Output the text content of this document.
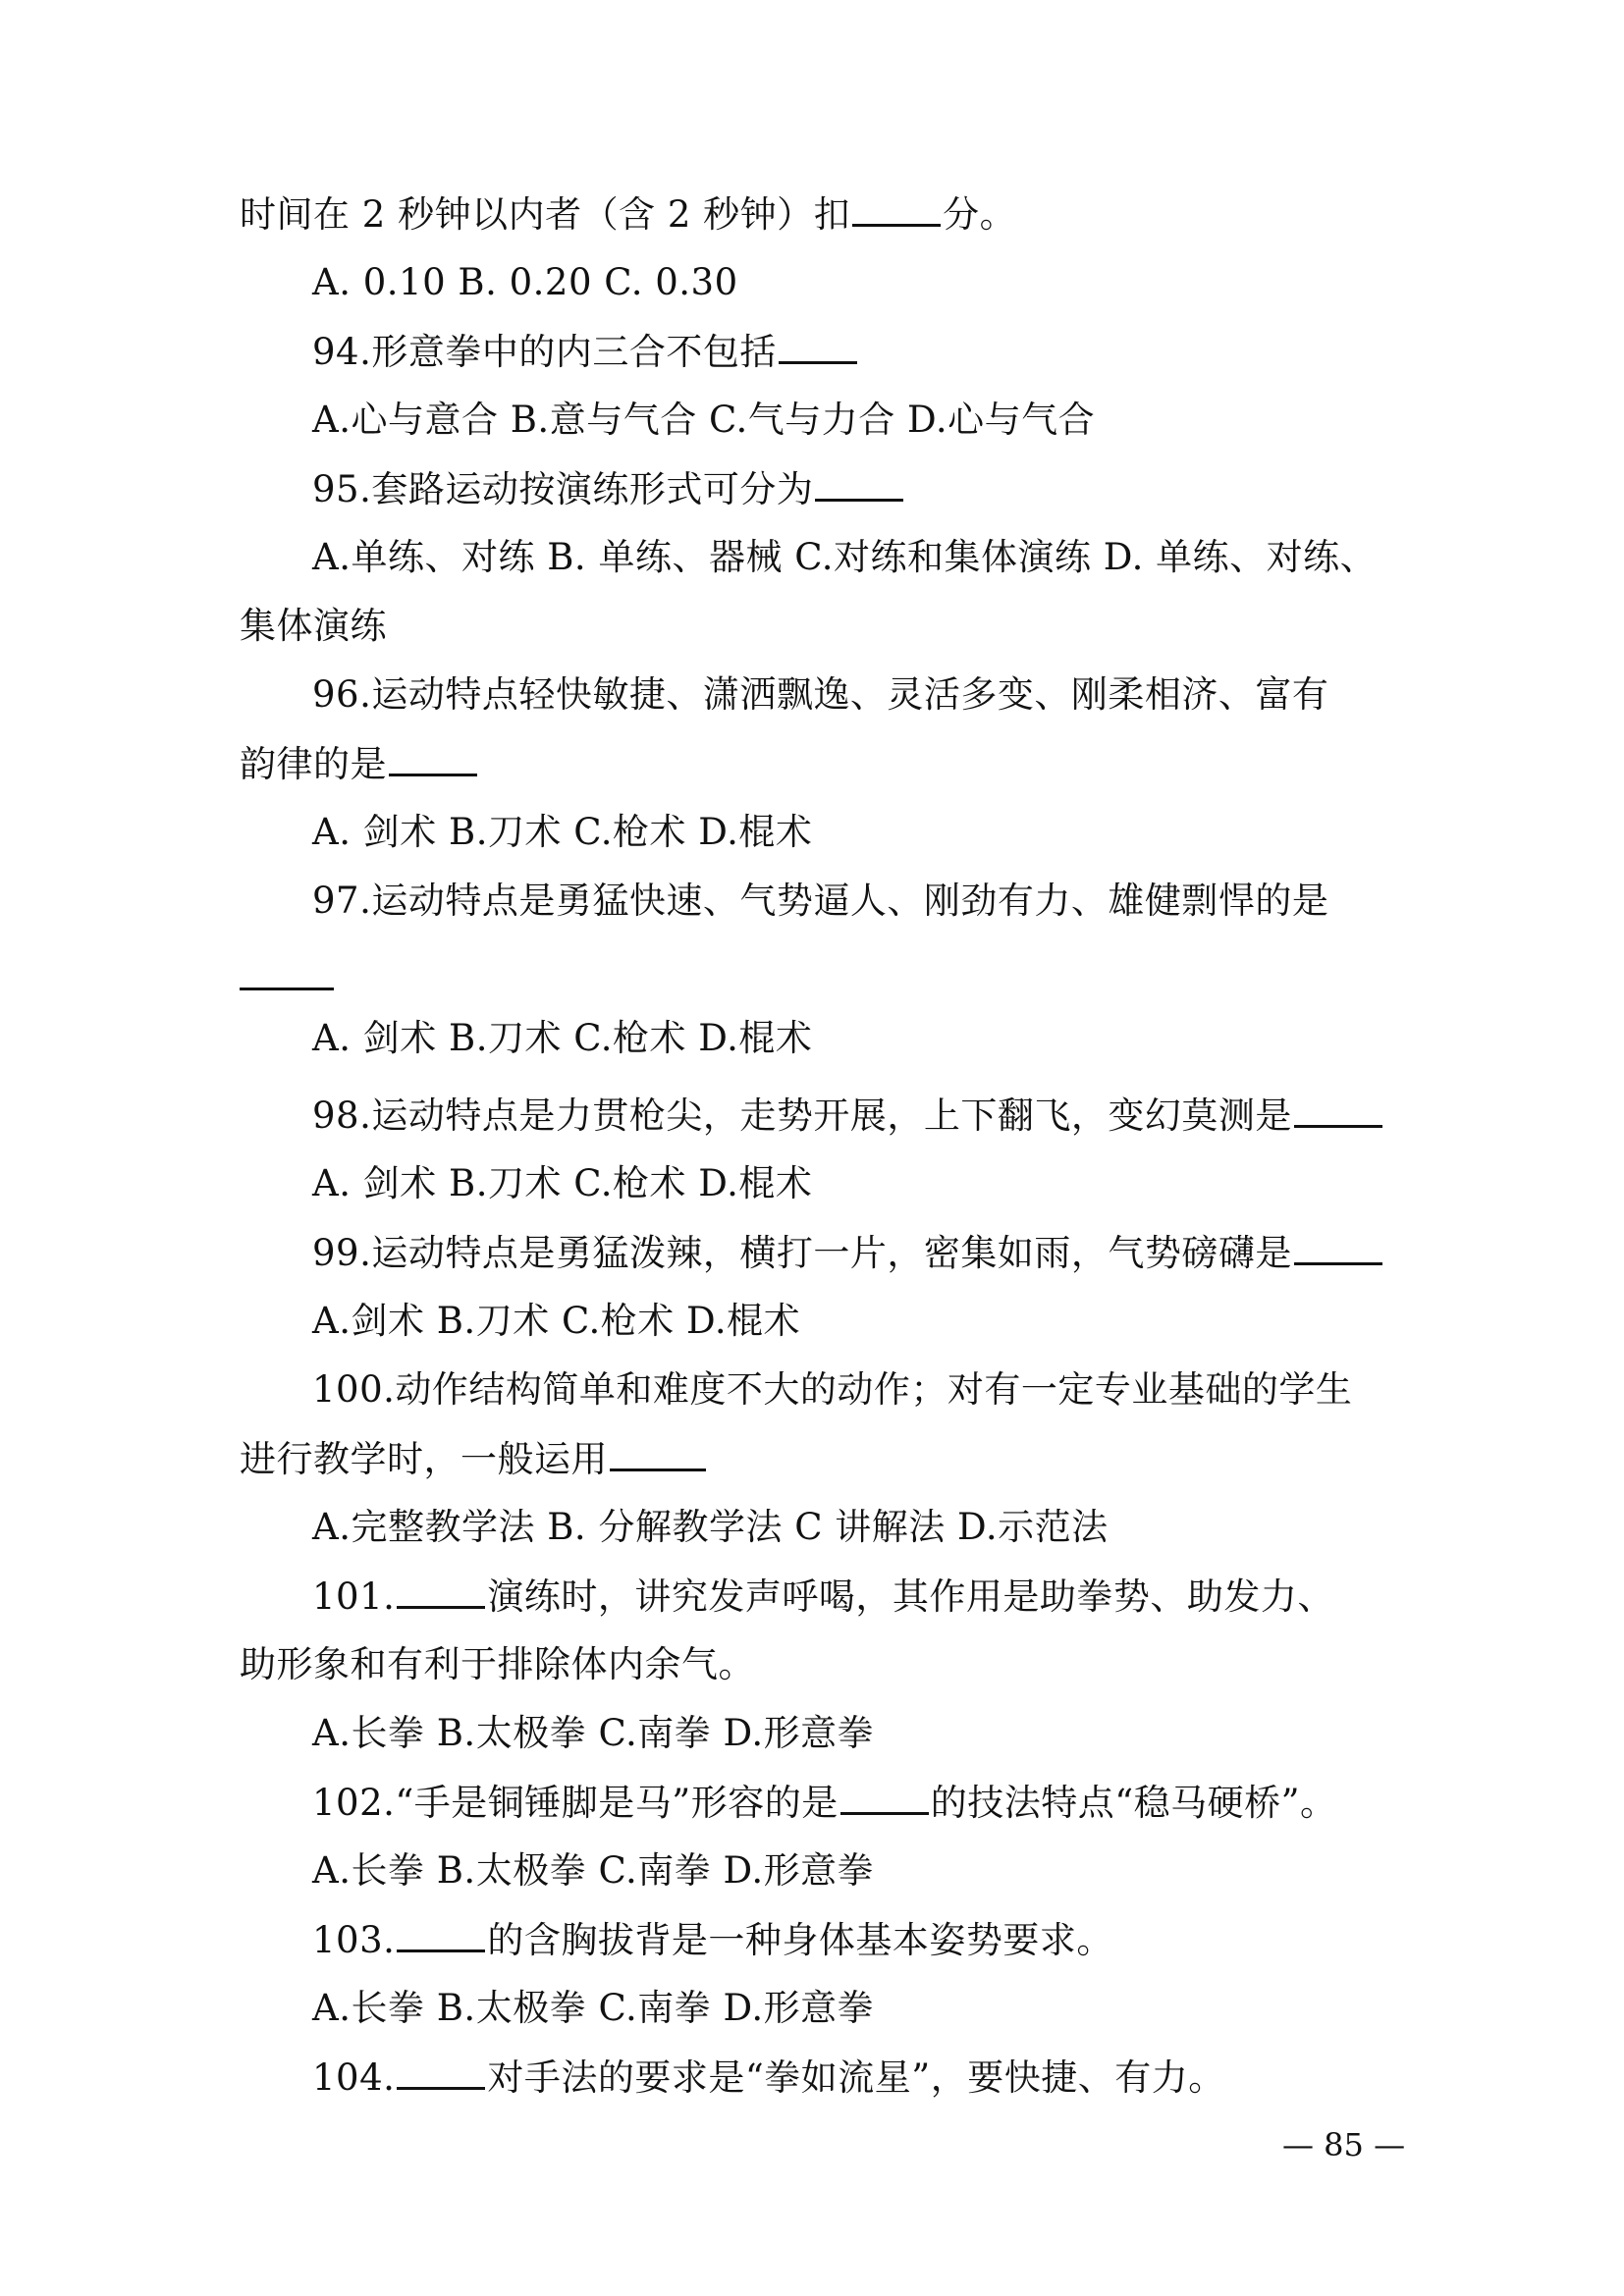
时间在 2 秒钟以内者（含 2 秒钟）扣	分。
A. 0.10 B. 0.20 C. 0.30
94.形意拳中的内三合不包括
A.心与意合 B.意与气合 C.气与力合 D.心与气合
95.套路运动按演练形式可分为
A.单练、对练 B. 单练、器械 C.对练和集体演练 D. 单练、对练、
集体演练
96.运动特点轻快敏捷、潇洒飘逸、灵活多变、刚柔相济、富有
韵律的是
A. 剑术 B.刀术 C.枪术 D.棍术
97.运动特点是勇猛快速、气势逼人、刚劲有力、雄健剽悍的是
A. 剑术 B.刀术 C.枪术 D.棍术
98.运动特点是力贯枪尖，走势开展，上下翻飞，变幻莫测是
A. 剑术 B.刀术 C.枪术 D.棍术
99.运动特点是勇猛泼辣，横打一片，密集如雨，气势磅礴是
A.剑术 B.刀术 C.枪术 D.棍术
100.动作结构简单和难度不大的动作；对有一定专业基础的学生
进行教学时，一般运用
A.完整教学法 B. 分解教学法 C 讲解法 D.示范法
101.	演练时，讲究发声呼喝，其作用是助拳势、助发力、
助形象和有利于排除体内余气。
A.长拳 B.太极拳 C.南拳 D.形意拳
102.“手是铜锤脚是马”形容的是	的技法特点“稳马硬桥”。
A.长拳 B.太极拳 C.南拳 D.形意拳
103.	的含胸拔背是一种身体基本姿势要求。
A.长拳 B.太极拳 C.南拳 D.形意拳
104.	对手法的要求是“拳如流星”，要快捷、有力。
— 85 —
